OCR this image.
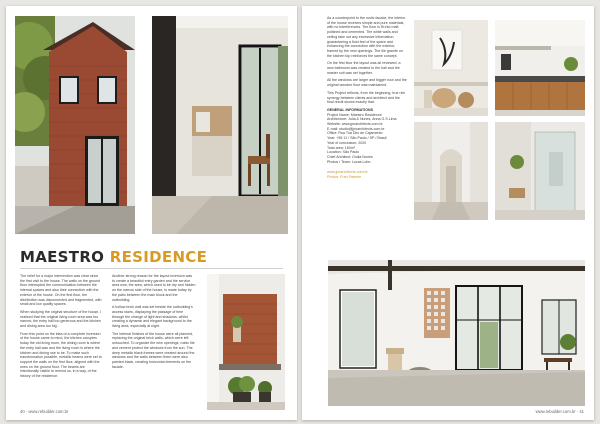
MAESTRO RESIDENCE

The relief for a major intervention was clear since the first visit to the house. The walls on the ground floor interrupted the communication between the internal spaces and also their connection with the exterior of the house. On the first floor, the distribution was disconnected and fragmented, with small and low quality spaces.

When studying the original structure of the house, I realized that the original living room area was too narrow; the entry hall too generous and the kitchen and dining area too big.

From this point on the idea of a complete inversion of the house came to mind, the kitchen occupies today the old living room, the dining room is where the entry hall was and the living room is where the kitchen and dining use to be. To make such transformation possible, metallic beams were set to support the walls on the first floor, aligned with the ones on the ground floor. The beams are intentionally visible to remind us, in a way, of the history of the residence.

Another strong reason for the layout inversion was to create a beautiful entry garden and the service area now, the area, which used to be dry and hidden on the narrow side of the house, is made today by the patio between the main block and the outbuilding.

A hollow brick wall was set beside the outbuilding's access stairs, displaying the passage of time through the change of light and shadows, whilst creating a dynamic and elegant background to the living area, especially at night.

The internal finishes of the house were all planned, replacing the original brick walls, which were left untouched. To organize the new openings, rustic tile and cement protect the windows from the sun. The deep metallic black frames were created around the windows and the walls between them were also painted black, creating horizontal elements on the facade.

40 · www.rebuilder.com.br

As a counterpoint to the rustic facade, the interior of the house receives simple and pure materials, with no interferences. The floor is fit into matt polished and cemented. The white walls and ceiling take out any excessive information, guaranteeing a fluid feel of the space and enhancing the connection with the exterior, framed by the new openings. The tile granite on the kitchen top reinforces the same concept.

On the first floor the layout was all reviewed, a new bathroom was created to the hall and the master suit was set together.

All the windows are larger and bigger now and the original wooden floor was maintained.

This Project reflects, from the beginning, true rich synergy between clients and architect and the final result shows exactly that.

GENERAL INFORMATIONS
Project Name: Maestro Residence
Architecture: Julia & Nunes, Anna G.S.Lima
Website: www.jpnarchitects.com.br
E-mail: studio@jpnarchitects.com.br
Office: Rua Tua Dilo de Cajamento
Year: +55 11 / São Paulo / SP / Brasil
Year of conclusion: 2020
Total area: 160m²
Location: São Paulo
Chief Architect: Giulia Nunes
Photos / Team: Lucas Lobo
www.jpnarchitects.com.br
Photos: Fran Parente
www.rebuilder.com.br · 41
